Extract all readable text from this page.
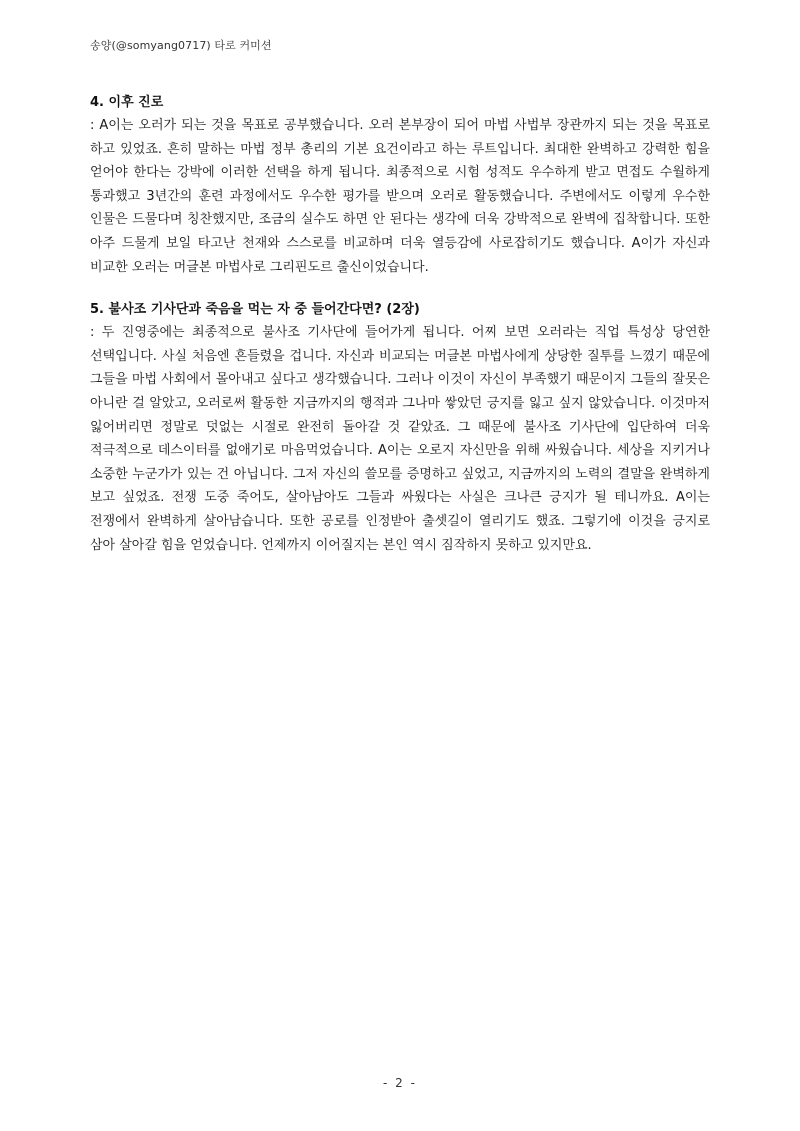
송양(@somyang0717) 타로 커미션

4. 이후 진로

: A이는 오러가 되는 것을 목표로 공부했습니다. 오러 본부장이 되어 마법 사법부 장관까지 되는 것을 목표로 하고 있었죠. 흔히 말하는 마법 정부 총리의 기본 요건이라고 하는 루트입니다. 최대한 완벽하고 강력한 힘을 얻어야 한다는 강박에 이러한 선택을 하게 됩니다. 최종적으로 시험 성적도 우수하게 받고 면접도 수월하게 통과했고 3년간의 훈련 과정에서도 우수한 평가를 받으며 오러로 활동했습니다. 주변에서도 이렇게 우수한 인물은 드물다며 칭찬했지만, 조금의 실수도 하면 안 된다는 생각에 더욱 강박적으로 완벽에 집착합니다. 또한 아주 드물게 보일 타고난 천재와 스스로를 비교하며 더욱 열등감에 사로잡히기도 했습니다. A이가 자신과 비교한 오러는 머글본 마법사로 그리핀도르 출신이었습니다.

5. 불사조 기사단과 죽음을 먹는 자 중 들어간다면? (2장)

: 두 진영중에는 최종적으로 불사조 기사단에 들어가게 됩니다. 어찌 보면 오러라는 직업 특성상 당연한 선택입니다. 사실 처음엔 흔들렸을 겁니다. 자신과 비교되는 머글본 마법사에게 상당한 질투를 느꼈기 때문에 그들을 마법 사회에서 몰아내고 싶다고 생각했습니다. 그러나 이것이 자신이 부족했기 때문이지 그들의 잘못은 아니란 걸 알았고, 오러로써 활동한 지금까지의 행적과 그나마 쌓았던 긍지를 잃고 싶지 않았습니다. 이것마저 잃어버리면 정말로 덧없는 시절로 완전히 돌아갈 것 같았죠. 그 때문에 불사조 기사단에 입단하여 더욱 적극적으로 데스이터를 없애기로 마음먹었습니다. A이는 오로지 자신만을 위해 싸웠습니다. 세상을 지키거나 소중한 누군가가 있는 건 아닙니다. 그저 자신의 쓸모를 증명하고 싶었고, 지금까지의 노력의 결말을 완벽하게 보고 싶었죠. 전쟁 도중 죽어도, 살아남아도 그들과 싸웠다는 사실은 크나큰 긍지가 될 테니까요. A이는 전쟁에서 완벽하게 살아남습니다. 또한 공로를 인정받아 출셋길이 열리기도 했죠. 그렇기에 이것을 긍지로 삼아 살아갈 힘을 얻었습니다. 언제까지 이어질지는 본인 역시 짐작하지 못하고 있지만요.

- 2 -
